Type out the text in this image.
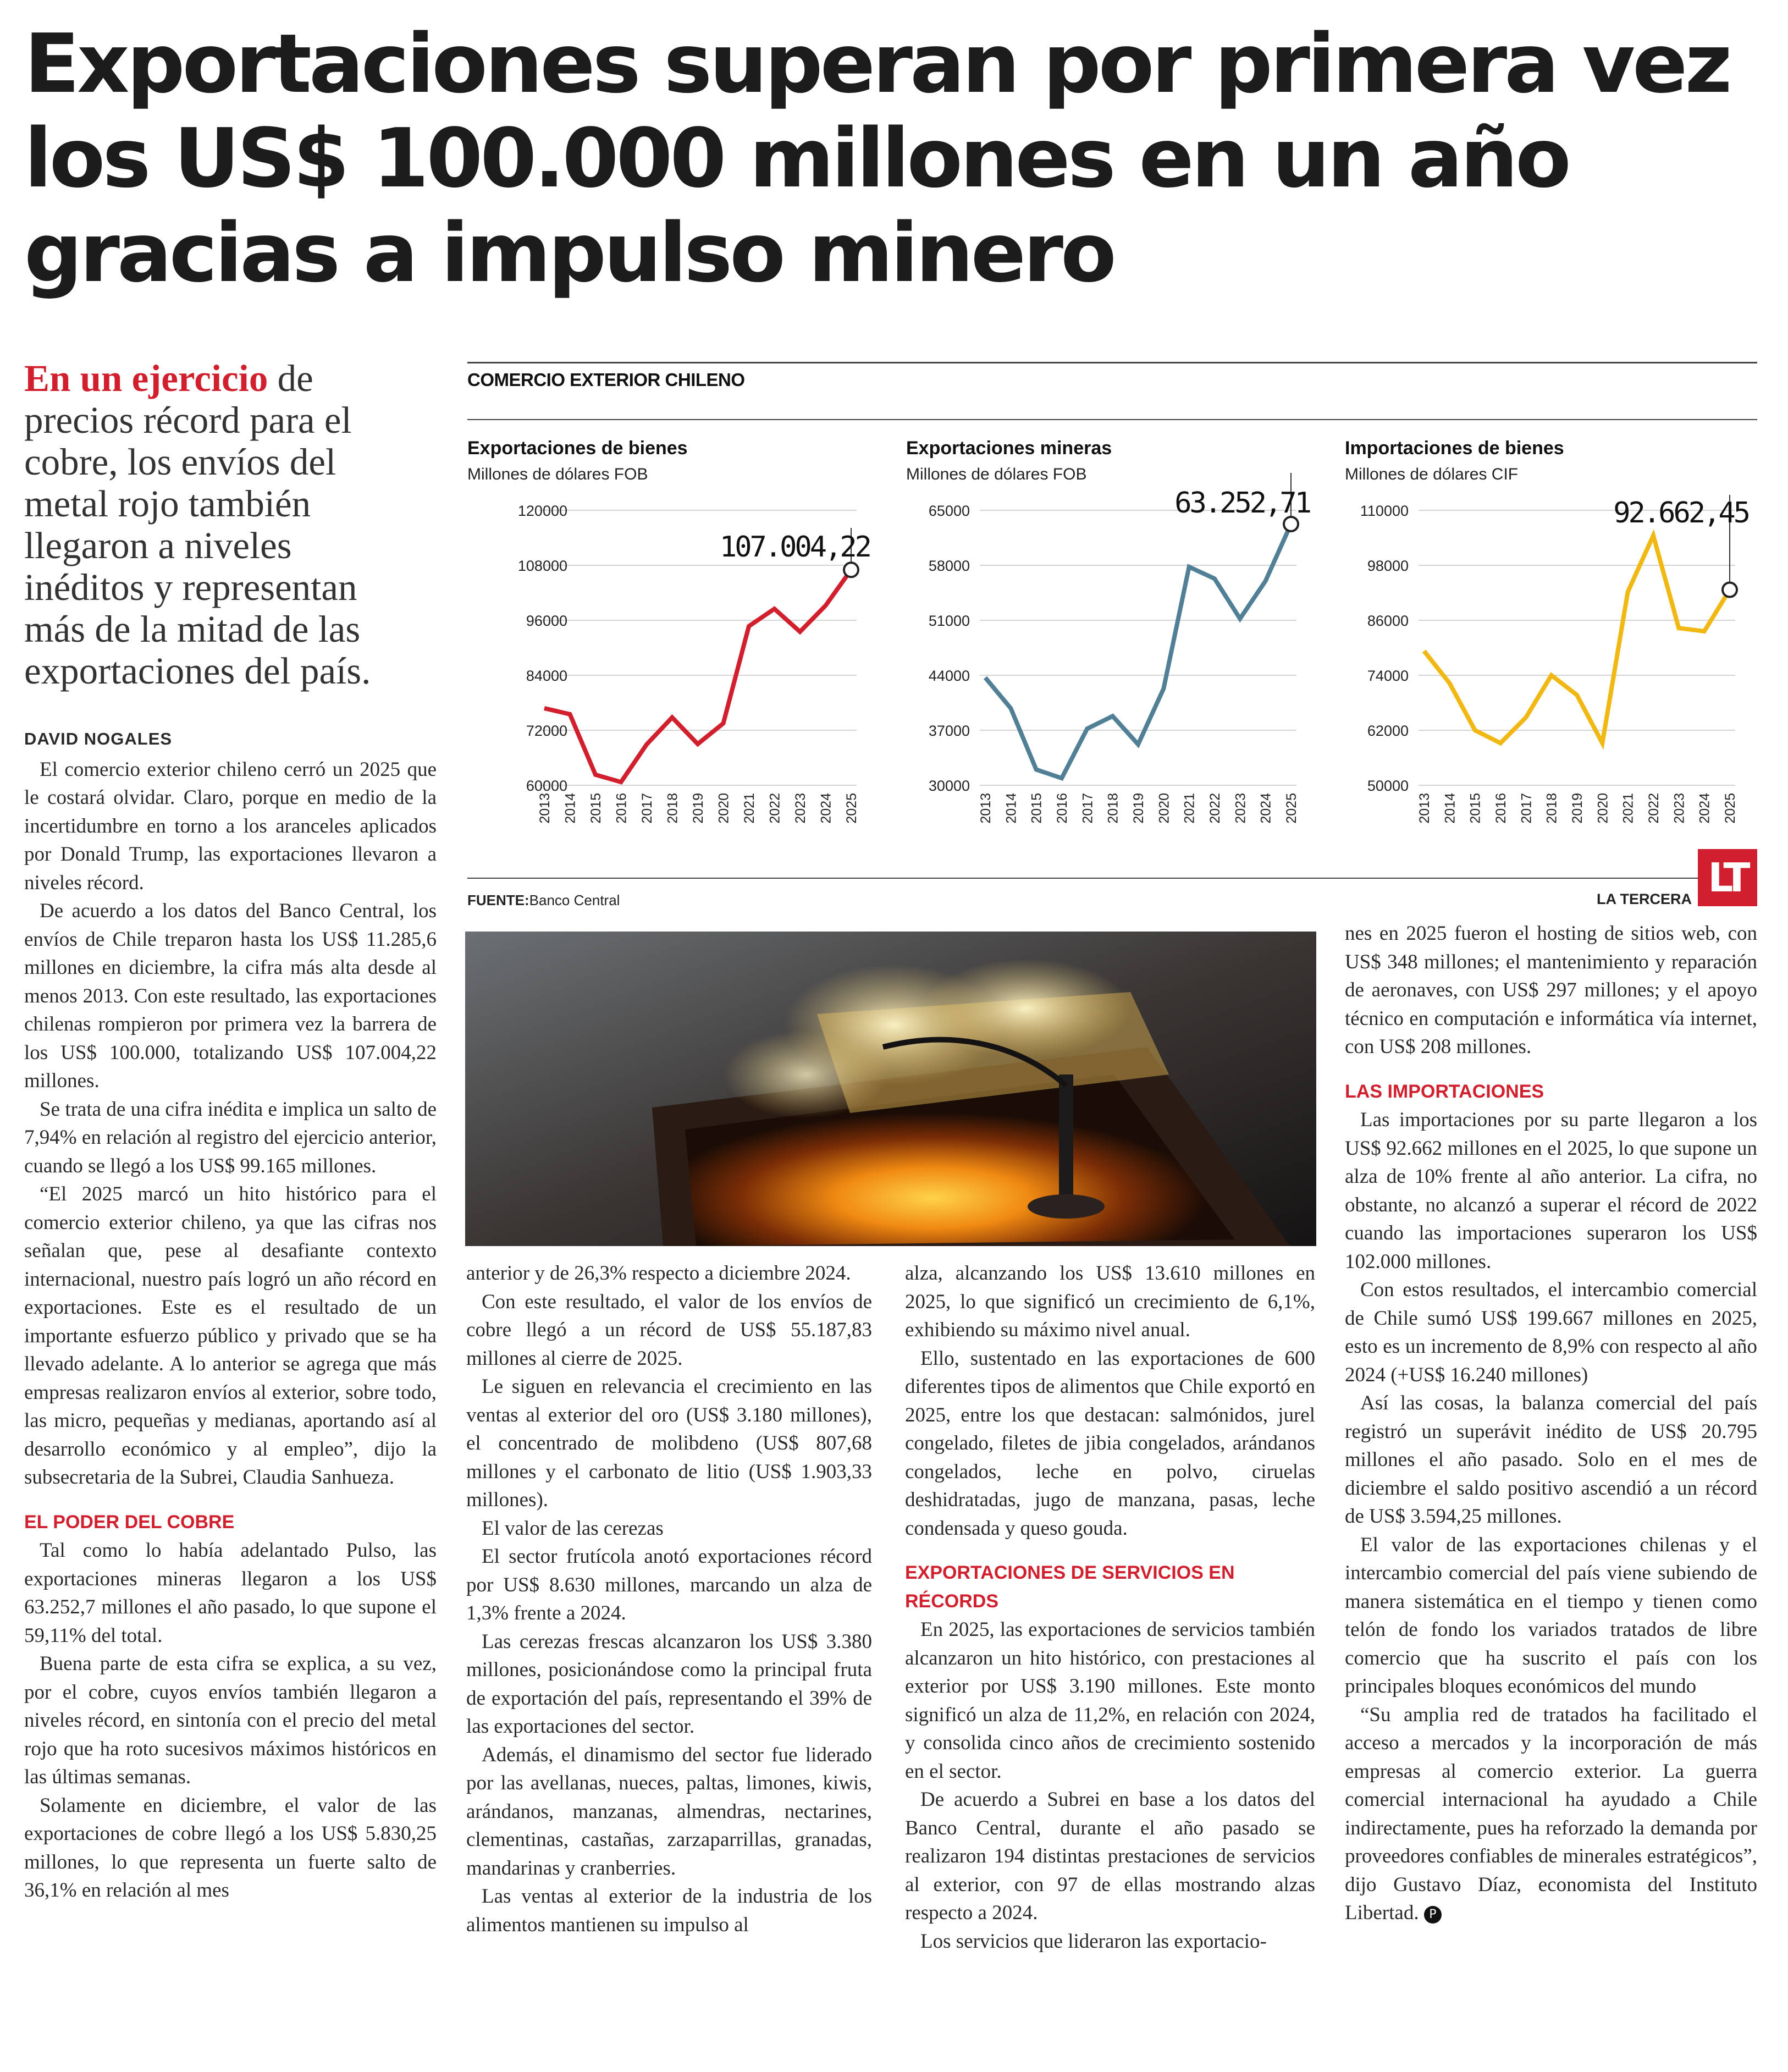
Exportaciones superan por primera vez
los US$ 100.000 millones en un año
gracias a impulso minero
En un ejercicio de precios récord para el cobre, los envíos del metal rojo también llegaron a niveles inéditos y representan más de la mitad de las exportaciones del país.
COMERCIO EXTERIOR CHILENO
Exportaciones de bienes
Millones de dólares FOB
120000
108000
96000
84000
72000
60000
2013 2014 2015 2016 2017 2018 2019 2020 2021 2022 2023 2024 2025
107.004,22
Exportaciones mineras
Millones de dólares FOB
65000
58000
51000
44000
37000
30000
2013 2014 2015 2016 2017 2018 2019 2020 2021 2022 2023 2024 2025
63.252,71
Importaciones de bienes
Millones de dólares CIF
110000
98000
86000
74000
62000
50000
2013 2014 2015 2016 2017 2018 2019 2020 2021 2022 2023 2024 2025
92.662,45
FUENTE:Banco Central	LA TERCERA LT

DAVID NOGALES

El comercio exterior chileno cerró un 2025 que le costará olvidar. Claro, porque en medio de la incertidumbre en torno a los aranceles aplicados por Donald Trump, las exportaciones llevaron a niveles récord.

De acuerdo a los datos del Banco Central, los envíos de Chile treparon hasta los US$ 11.285,6 millones en diciembre, la cifra más alta desde al menos 2013. Con este resultado, las exportaciones chilenas rompieron por primera vez la barrera de los US$ 100.000, totalizando US$ 107.004,22 millones.

Se trata de una cifra inédita e implica un salto de 7,94% en relación al registro del ejercicio anterior, cuando se llegó a los US$ 99.165 millones.

“El 2025 marcó un hito histórico para el comercio exterior chileno, ya que las cifras nos señalan que, pese al desafiante contexto internacional, nuestro país logró un año récord en exportaciones. Este es el resultado de un importante esfuerzo público y privado que se ha llevado adelante. A lo anterior se agrega que más empresas realizaron envíos al exterior, sobre todo, las micro, pequeñas y medianas, aportando así al desarrollo económico y al empleo”, dijo la subsecretaria de la Subrei, Claudia Sanhueza.

EL PODER DEL COBRE

Tal como lo había adelantado Pulso, las exportaciones mineras llegaron a los US$ 63.252,7 millones el año pasado, lo que supone el 59,11% del total.

Buena parte de esta cifra se explica, a su vez, por el cobre, cuyos envíos también llegaron a niveles récord, en sintonía con el precio del metal rojo que ha roto sucesivos máximos históricos en las últimas semanas.

Solamente en diciembre, el valor de las exportaciones de cobre llegó a los US$ 5.830,25 millones, lo que representa un fuerte salto de 36,1% en relación al mes

anterior y de 26,3% respecto a diciembre 2024.

Con este resultado, el valor de los envíos de cobre llegó a un récord de US$ 55.187,83 millones al cierre de 2025.

Le siguen en relevancia el crecimiento en las ventas al exterior del oro (US$ 3.180 millones), el concentrado de molibdeno (US$ 807,68 millones y el carbonato de litio (US$ 1.903,33 millones).

El valor de las cerezas

El sector frutícola anotó exportaciones récord por US$ 8.630 millones, marcando un alza de 1,3% frente a 2024.

Las cerezas frescas alcanzaron los US$ 3.380 millones, posicionándose como la principal fruta de exportación del país, representando el 39% de las exportaciones del sector.

Además, el dinamismo del sector fue liderado por las avellanas, nueces, paltas, limones, kiwis, arándanos, manzanas, almendras, nectarines, clementinas, castañas, zarzaparrillas, granadas, mandarinas y cranberries.

Las ventas al exterior de la industria de los alimentos mantienen su impulso al

alza, alcanzando los US$ 13.610 millones en 2025, lo que significó un crecimiento de 6,1%, exhibiendo su máximo nivel anual.

Ello, sustentado en las exportaciones de 600 diferentes tipos de alimentos que Chile exportó en 2025, entre los que destacan: salmónidos, jurel congelado, filetes de jibia congelados, arándanos congelados, leche en polvo, ciruelas deshidratadas, jugo de manzana, pasas, leche condensada y queso gouda.

EXPORTACIONES DE SERVICIOS EN RÉCORDS

En 2025, las exportaciones de servicios también alcanzaron un hito histórico, con prestaciones al exterior por US$ 3.190 millones. Este monto significó un alza de 11,2%, en relación con 2024, y consolida cinco años de crecimiento sostenido en el sector.

De acuerdo a Subrei en base a los datos del Banco Central, durante el año pasado se realizaron 194 distintas prestaciones de servicios al exterior, con 97 de ellas mostrando alzas respecto a 2024.

Los servicios que lideraron las exportacio-

nes en 2025 fueron el hosting de sitios web, con US$ 348 millones; el mantenimiento y reparación de aeronaves, con US$ 297 millones; y el apoyo técnico en computación e informática vía internet, con US$ 208 millones.

LAS IMPORTACIONES

Las importaciones por su parte llegaron a los US$ 92.662 millones en el 2025, lo que supone un alza de 10% frente al año anterior. La cifra, no obstante, no alcanzó a superar el récord de 2022 cuando las importaciones superaron los US$ 102.000 millones.

Con estos resultados, el intercambio comercial de Chile sumó US$ 199.667 millones en 2025, esto es un incremento de 8,9% con respecto al año 2024 (+US$ 16.240 millones)

Así las cosas, la balanza comercial del país registró un superávit inédito de US$ 20.795 millones el año pasado. Solo en el mes de diciembre el saldo positivo ascendió a un récord de US$ 3.594,25 millones.

El valor de las exportaciones chilenas y el intercambio comercial del país viene subiendo de manera sistemática en el tiempo y tienen como telón de fondo los variados tratados de libre comercio que ha suscrito el país con los principales bloques económicos del mundo

“Su amplia red de tratados ha facilitado el acceso a mercados y la incorporación de más empresas al comercio exterior. La guerra comercial internacional ha ayudado a Chile indirectamente, pues ha reforzado la demanda por proveedores confiables de minerales estratégicos”, dijo Gustavo Díaz, economista del Instituto Libertad. P
